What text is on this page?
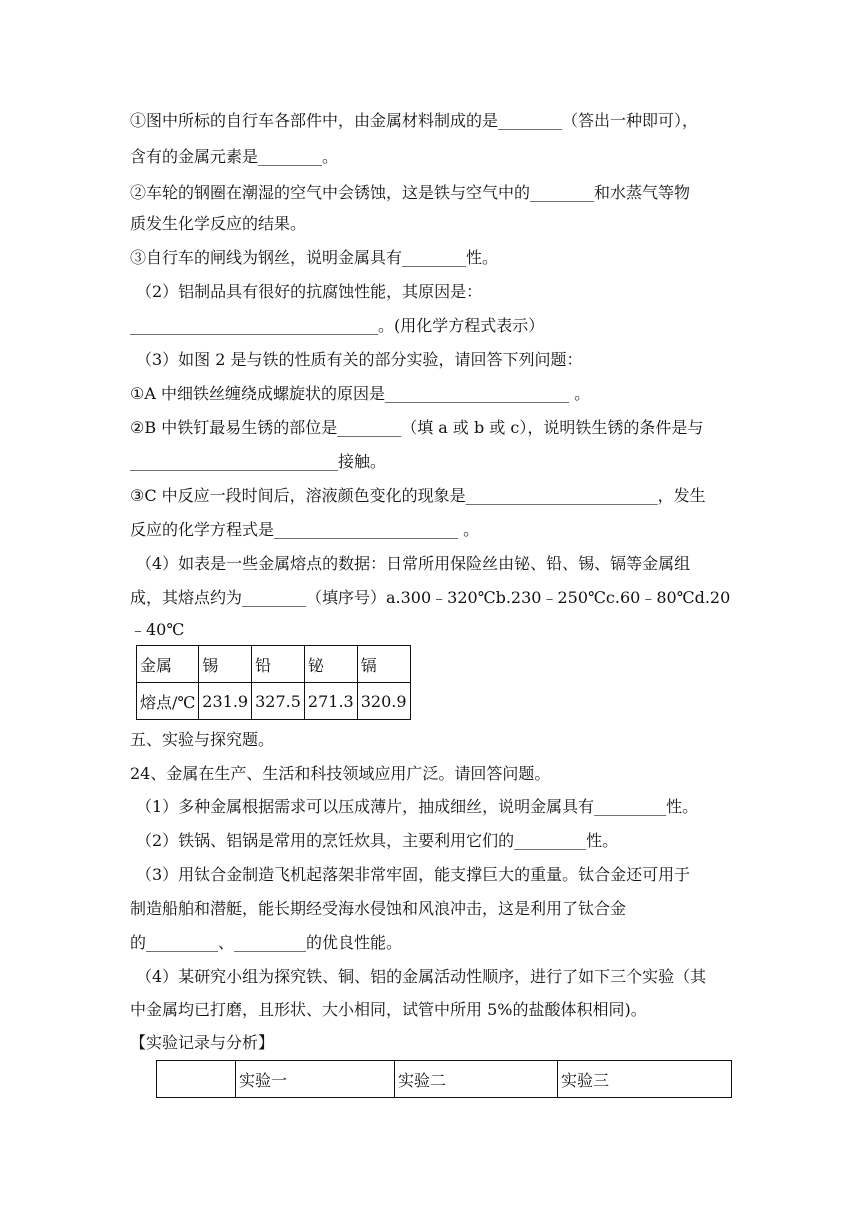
①图中所标的自行车各部件中，由金属材料制成的是________（答出一种即可），
含有的金属元素是________。
②车轮的钢圈在潮湿的空气中会锈蚀，这是铁与空气中的________和水蒸气等物
质发生化学反应的结果。
③自行车的闸线为钢丝，说明金属具有________性。
（2）铝制品具有很好的抗腐蚀性能，其原因是：
_______________________________。(用化学方程式表示）
（3）如图 2 是与铁的性质有关的部分实验，请回答下列问题：
①A 中细铁丝缠绕成螺旋状的原因是_______________________ 。
②B 中铁钉最易生锈的部位是________（填 a 或 b 或 c），说明铁生锈的条件是与
__________________________接触。
③C 中反应一段时间后，溶液颜色变化的现象是________________________，发生
反应的化学方程式是_______________________ 。
（4）如表是一些金属熔点的数据：日常所用保险丝由铋、铅、锡、镉等金属组
成，其熔点约为________（填序号）a.300﹣320℃b.230﹣250℃c.60﹣80℃d.20
﹣40℃
金属	锡	铅	铋	镉
熔点/℃	231.9	327.5	271.3	320.9
五、实验与探究题。
24、金属在生产、生活和科技领域应用广泛。请回答问题。
（1）多种金属根据需求可以压成薄片，抽成细丝，说明金属具有_________性。
（2）铁锅、铝锅是常用的烹饪炊具，主要利用它们的_________性。
（3）用钛合金制造飞机起落架非常牢固，能支撑巨大的重量。钛合金还可用于
制造船舶和潜艇，能长期经受海水侵蚀和风浪冲击，这是利用了钛合金
的_________、_________的优良性能。
（4）某研究小组为探究铁、铜、铝的金属活动性顺序，进行了如下三个实验（其
中金属均已打磨，且形状、大小相同，试管中所用 5%的盐酸体积相同)。
【实验记录与分析】
	实验一	实验二	实验三
